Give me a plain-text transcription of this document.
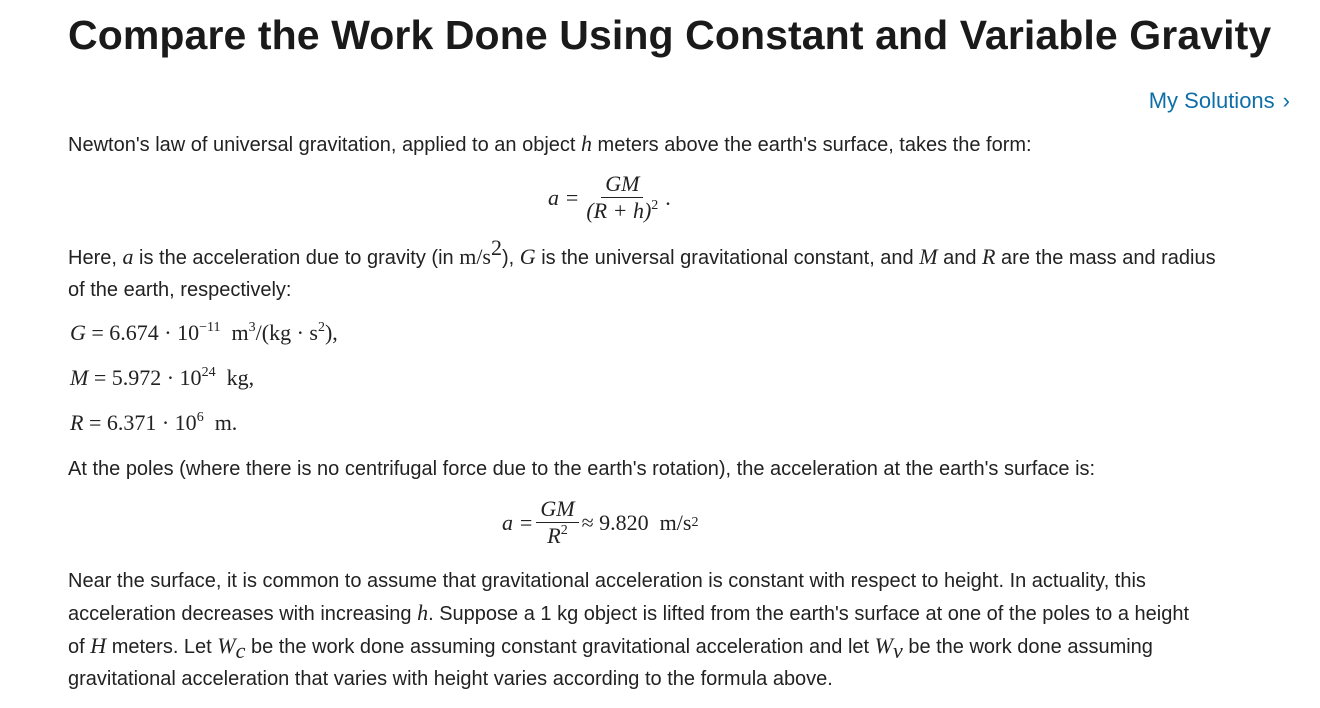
Compare the Work Done Using Constant and Variable Gravity
My Solutions ›

Newton's law of universal gravitation, applied to an object h meters above the earth's surface, takes the form:

$a = \frac{GM}{(R + h)^2}$ .

Here, a is the acceleration due to gravity (in $m/s^2$), G is the universal gravitational constant, and M and R are the mass and radius of the earth, respectively:

$G = 6.674 \cdot 10^{-11}$  $m^3/(kg \cdot s^2)$,
$M = 5.972 \cdot 10^{24}$  kg,
$R = 6.371 \cdot 10^6$  m.

At the poles (where there is no centrifugal force due to the earth's rotation), the acceleration at the earth's surface is:

$a = \frac{GM}{R^2} \approx 9.820$  m/s 2

Near the surface, it is common to assume that gravitational acceleration is constant with respect to height. In actuality, this acceleration decreases with increasing h. Suppose a 1 kg object is lifted from the earth's surface at one of the poles to a height of H meters. Let $W_c$ be the work done assuming constant gravitational acceleration and let $W_v$ be the work done assuming gravitational acceleration that varies with height varies according to the formula above.
